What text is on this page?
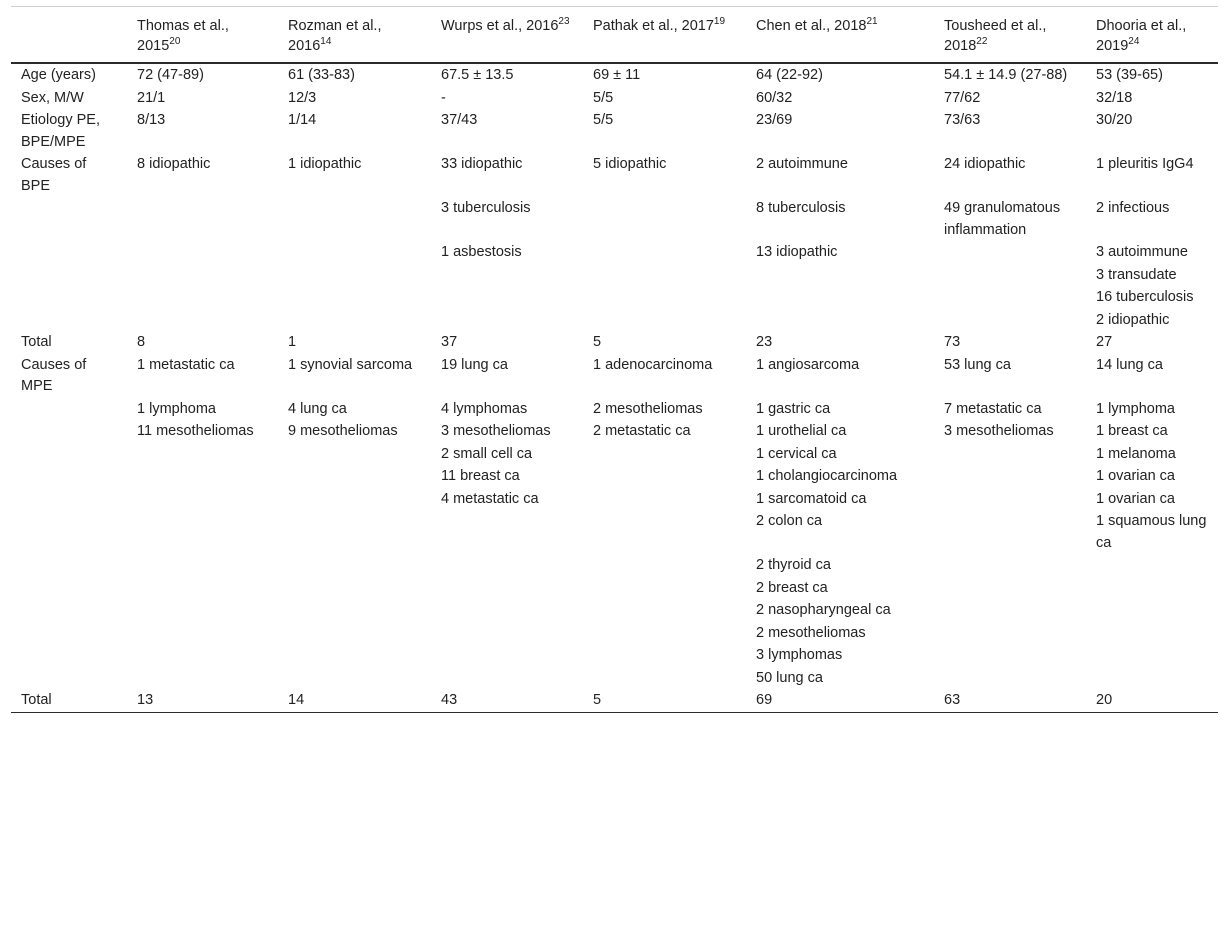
	Thomas et al., 2015$^{20}$	Rozman et al., 2016$^{14}$	Wurps et al., 2016$^{23}$	Pathak et al., 2017$^{19}$	Chen et al., 2018$^{21}$	Tousheed et al., 2018$^{22}$	Dhooria et al., 2019$^{24}$
Age (years)	72 (47-89)	61 (33-83)	67.5 ± 13.5	69 ± 11	64 (22-92)	54.1 ± 14.9 (27-88)	53 (39-65)
Sex, M/W	21/1	12/3	-	5/5	60/32	77/62	32/18
Etiology PE, BPE/MPE	8/13	1/14	37/43	5/5	23/69	73/63	30/20
Causes of BPE	8 idiopathic	1 idiopathic	33 idiopathic	5 idiopathic	2 autoimmune	24 idiopathic	1 pleuritis IgG4
			3 tuberculosis		8 tuberculosis	49 granulomatous inflammation	2 infectious
			1 asbestosis		13 idiopathic		3 autoimmune
							3 transudate
							16 tuberculosis
							2 idiopathic
Total	8	1	37	5	23	73	27
Causes of MPE	1 metastatic ca	1 synovial sarcoma	19 lung ca	1 adenocarcinoma	1 angiosarcoma	53 lung ca	14 lung ca
	1 lymphoma	4 lung ca	4 lymphomas	2 mesotheliomas	1 gastric ca	7 metastatic ca	1 lymphoma
	11 mesotheliomas	9 mesotheliomas	3 mesotheliomas	2 metastatic ca	1 urothelial ca	3 mesotheliomas	1 breast ca
			2 small cell ca		1 cervical ca		1 melanoma
			11 breast ca		1 cholangiocarcinoma		1 ovarian ca
			4 metastatic ca		1 sarcomatoid ca		1 ovarian ca
					2 colon ca		1 squamous lung ca
					2 thyroid ca		
					2 breast ca		
					2 nasopharyngeal ca		
					2 mesotheliomas		
					3 lymphomas		
					50 lung ca		
Total	13	14	43	5	69	63	20
